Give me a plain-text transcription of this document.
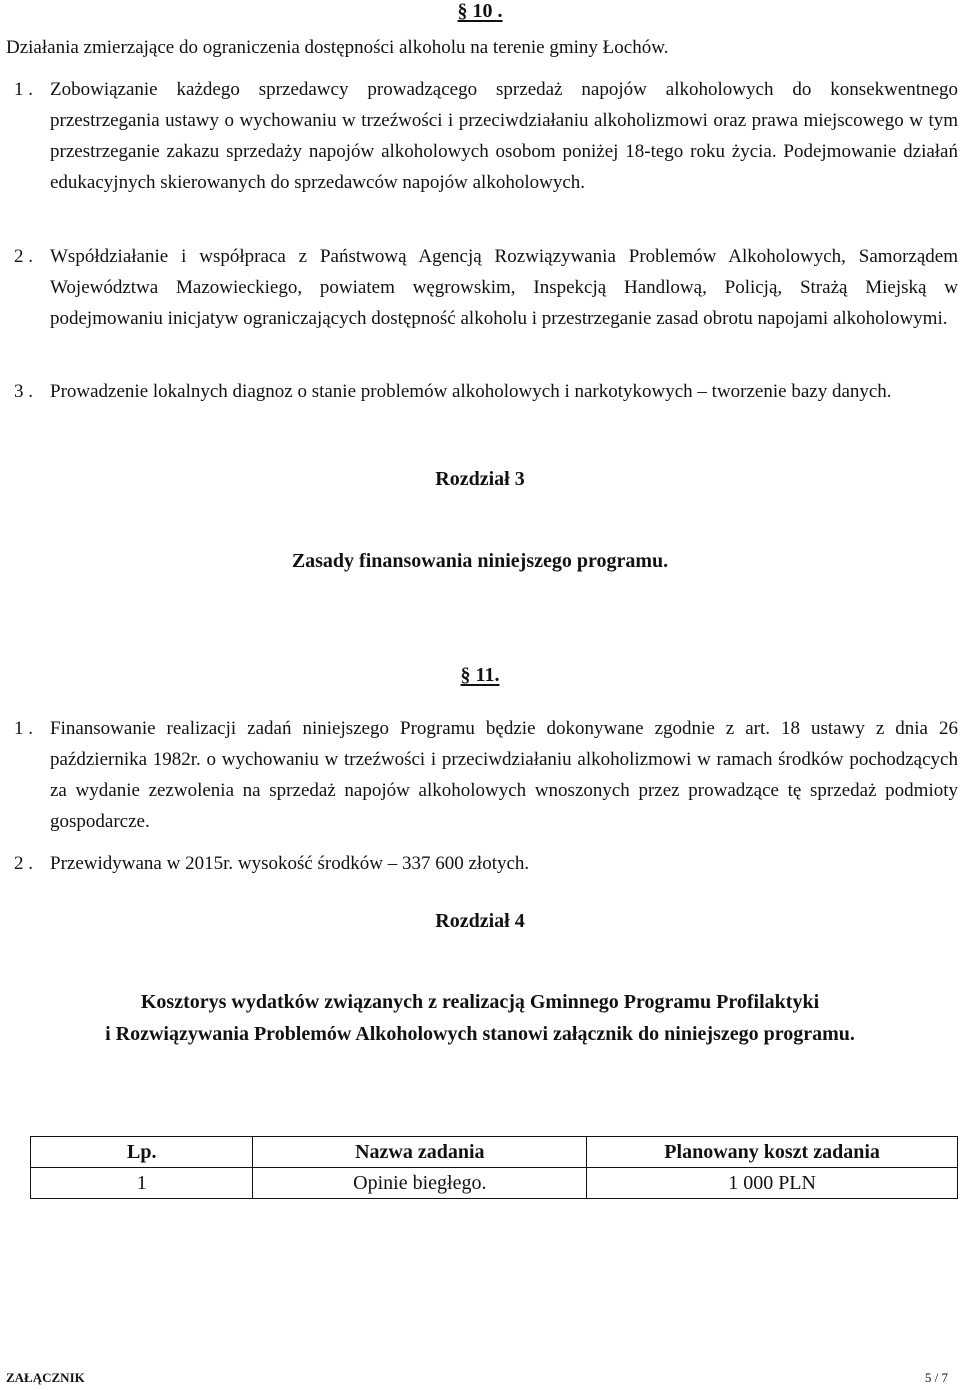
§ 10 .
Działania zmierzające do ograniczenia dostępności alkoholu na terenie gminy Łochów.
1 . Zobowiązanie każdego sprzedawcy prowadzącego sprzedaż napojów alkoholowych do konsekwentnego przestrzegania ustawy o wychowaniu w trzeźwości i przeciwdziałaniu alkoholizmowi oraz prawa miejscowego w tym przestrzeganie zakazu sprzedaży napojów alkoholowych osobom poniżej 18-tego roku życia. Podejmowanie działań edukacyjnych skierowanych do sprzedawców napojów alkoholowych.
2 . Współdziałanie i współpraca z Państwową Agencją Rozwiązywania Problemów Alkoholowych, Samorządem Województwa Mazowieckiego, powiatem węgrowskim, Inspekcją Handlową, Policją, Strażą Miejską w podejmowaniu inicjatyw ograniczających dostępność alkoholu i przestrzeganie zasad obrotu napojami alkoholowymi.
3 . Prowadzenie lokalnych diagnoz o stanie problemów alkoholowych i narkotykowych – tworzenie bazy danych.
Rozdział 3
Zasady finansowania niniejszego programu.
§ 11.
1 . Finansowanie realizacji zadań niniejszego Programu będzie dokonywane zgodnie z art. 18 ustawy z dnia 26 października 1982r. o wychowaniu w trzeźwości i przeciwdziałaniu alkoholizmowi w ramach środków pochodzących za wydanie zezwolenia na sprzedaż napojów alkoholowych wnoszonych przez prowadzące tę sprzedaż podmioty gospodarcze.
2 . Przewidywana w 2015r. wysokość środków – 337 600 złotych.
Rozdział 4
Kosztorys wydatków związanych z realizacją Gminnego Programu Profilaktyki
i Rozwiązywania Problemów Alkoholowych stanowi załącznik do niniejszego programu.
Lp.	Nazwa zadania	Planowany koszt zadania
1	Opinie biegłego.	1 000 PLN
ZAŁĄCZNIK	5 / 7
